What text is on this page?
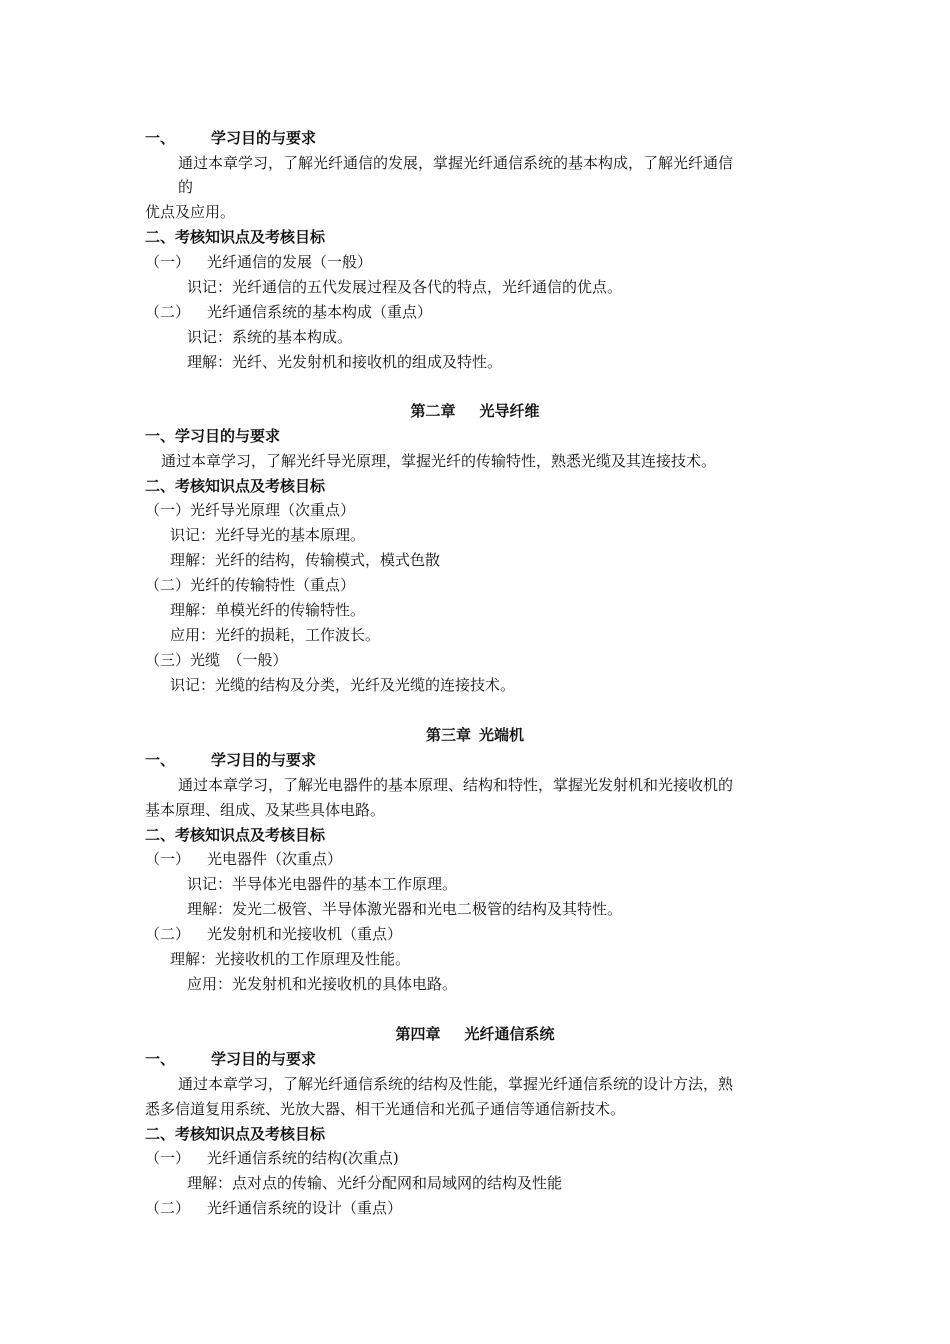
一、 学习目的与要求
通过本章学习，了解光纤通信的发展，掌握光纤通信系统的基本构成，了解光纤通信
的
优点及应用。
二、考核知识点及考核目标
（一） 光纤通信的发展（一般）
识记：光纤通信的五代发展过程及各代的特点，光纤通信的优点。
（二） 光纤通信系统的基本构成（重点）
识记：系统的基本构成。
理解：光纤、光发射机和接收机的组成及特性。
第二章 光导纤维
一、学习目的与要求
通过本章学习，了解光纤导光原理，掌握光纤的传输特性，熟悉光缆及其连接技术。
二、考核知识点及考核目标
（一）光纤导光原理（次重点）
识记：光纤导光的基本原理。
理解：光纤的结构，传输模式，模式色散
（二）光纤的传输特性（重点）
理解：单模光纤的传输特性。
应用：光纤的损耗，工作波长。
（三）光缆　（一般）
识记：光缆的结构及分类，光纤及光缆的连接技术。
第三章 光端机
一、 学习目的与要求
通过本章学习，了解光电器件的基本原理、结构和特性，掌握光发射机和光接收机的
基本原理、组成、及某些具体电路。
二、考核知识点及考核目标
（一） 光电器件（次重点）
识记：半导体光电器件的基本工作原理。
理解：发光二极管、半导体激光器和光电二极管的结构及其特性。
（二） 光发射机和光接收机（重点）
理解：光接收机的工作原理及性能。
应用：光发射机和光接收机的具体电路。
第四章 光纤通信系统
一、 学习目的与要求
通过本章学习，了解光纤通信系统的结构及性能，掌握光纤通信系统的设计方法，熟
悉多信道复用系统、光放大器、相干光通信和光孤子通信等通信新技术。
二、考核知识点及考核目标
（一） 光纤通信系统的结构(次重点)
理解：点对点的传输、光纤分配网和局域网的结构及性能
（二） 光纤通信系统的设计（重点）
